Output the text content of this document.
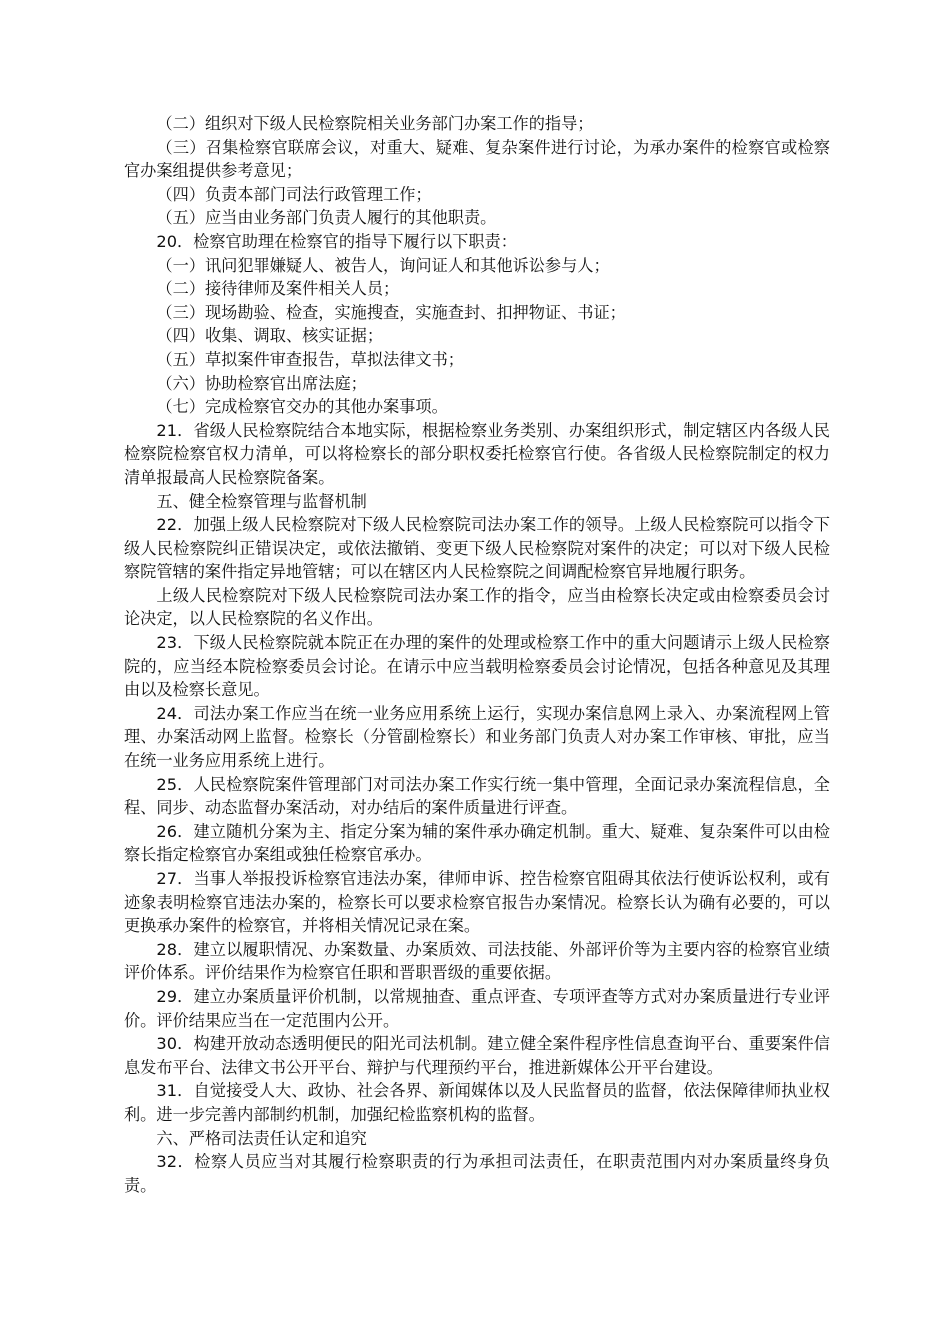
（二）组织对下级人民检察院相关业务部门办案工作的指导；

（三）召集检察官联席会议，对重大、疑难、复杂案件进行讨论，为承办案件的检察官或检察官办案组提供参考意见；

（四）负责本部门司法行政管理工作；

（五）应当由业务部门负责人履行的其他职责。

20．检察官助理在检察官的指导下履行以下职责：

（一）讯问犯罪嫌疑人、被告人，询问证人和其他诉讼参与人；

（二）接待律师及案件相关人员；

（三）现场勘验、检查，实施搜查，实施查封、扣押物证、书证；

（四）收集、调取、核实证据；

（五）草拟案件审查报告，草拟法律文书；

（六）协助检察官出席法庭；

（七）完成检察官交办的其他办案事项。

21．省级人民检察院结合本地实际，根据检察业务类别、办案组织形式，制定辖区内各级人民检察院检察官权力清单，可以将检察长的部分职权委托检察官行使。各省级人民检察院制定的权力清单报最高人民检察院备案。

五、健全检察管理与监督机制

22．加强上级人民检察院对下级人民检察院司法办案工作的领导。上级人民检察院可以指令下级人民检察院纠正错误决定，或依法撤销、变更下级人民检察院对案件的决定；可以对下级人民检察院管辖的案件指定异地管辖；可以在辖区内人民检察院之间调配检察官异地履行职务。

上级人民检察院对下级人民检察院司法办案工作的指令，应当由检察长决定或由检察委员会讨论决定，以人民检察院的名义作出。

23．下级人民检察院就本院正在办理的案件的处理或检察工作中的重大问题请示上级人民检察院的，应当经本院检察委员会讨论。在请示中应当载明检察委员会讨论情况，包括各种意见及其理由以及检察长意见。

24．司法办案工作应当在统一业务应用系统上运行，实现办案信息网上录入、办案流程网上管理、办案活动网上监督。检察长（分管副检察长）和业务部门负责人对办案工作审核、审批，应当在统一业务应用系统上进行。

25．人民检察院案件管理部门对司法办案工作实行统一集中管理，全面记录办案流程信息，全程、同步、动态监督办案活动，对办结后的案件质量进行评查。

26．建立随机分案为主、指定分案为辅的案件承办确定机制。重大、疑难、复杂案件可以由检察长指定检察官办案组或独任检察官承办。

27．当事人举报投诉检察官违法办案，律师申诉、控告检察官阻碍其依法行使诉讼权利，或有迹象表明检察官违法办案的，检察长可以要求检察官报告办案情况。检察长认为确有必要的，可以更换承办案件的检察官，并将相关情况记录在案。

28．建立以履职情况、办案数量、办案质效、司法技能、外部评价等为主要内容的检察官业绩评价体系。评价结果作为检察官任职和晋职晋级的重要依据。

29．建立办案质量评价机制，以常规抽查、重点评查、专项评查等方式对办案质量进行专业评价。评价结果应当在一定范围内公开。

30．构建开放动态透明便民的阳光司法机制。建立健全案件程序性信息查询平台、重要案件信息发布平台、法律文书公开平台、辩护与代理预约平台，推进新媒体公开平台建设。

31．自觉接受人大、政协、社会各界、新闻媒体以及人民监督员的监督，依法保障律师执业权利。进一步完善内部制约机制，加强纪检监察机构的监督。

六、严格司法责任认定和追究

32．检察人员应当对其履行检察职责的行为承担司法责任，在职责范围内对办案质量终身负责。
